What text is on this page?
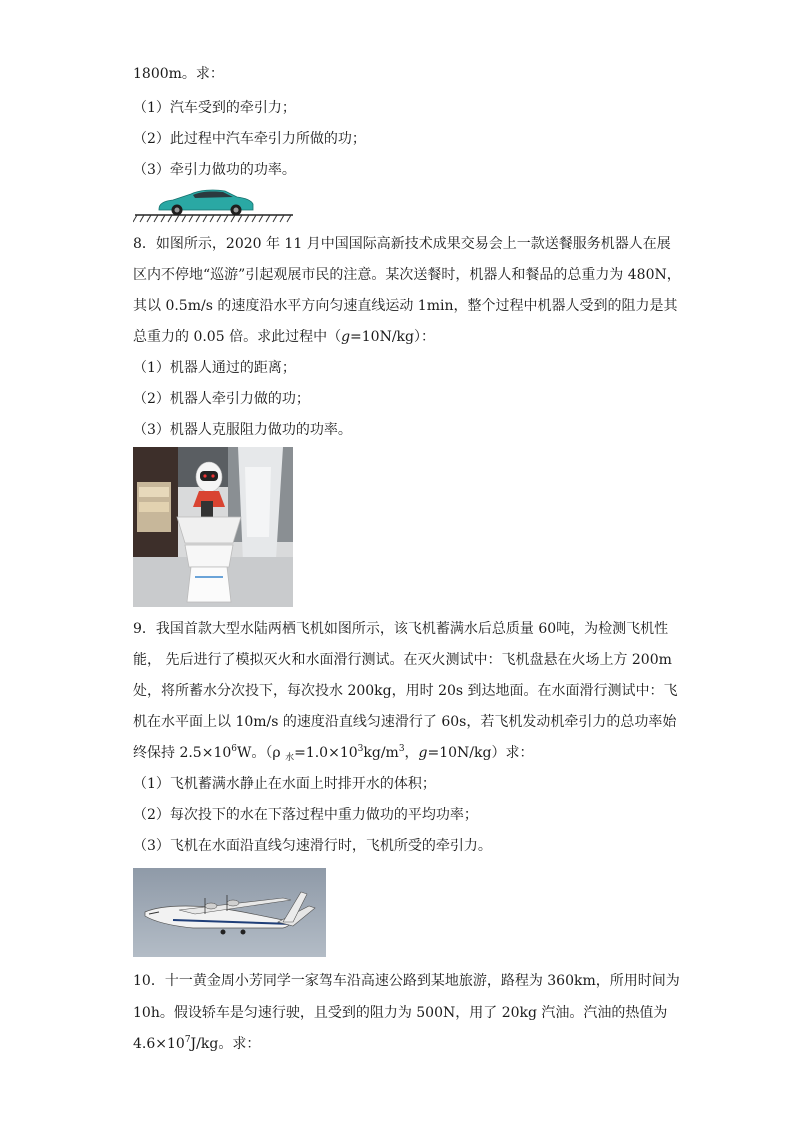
1800m。求：
（1）汽车受到的牵引力；
（2）此过程中汽车牵引力所做的功；
（3）牵引力做功的功率。
8．如图所示，2020 年 11 月中国国际高新技术成果交易会上一款送餐服务机器人在展
区内不停地“巡游”引起观展市民的注意。某次送餐时，机器人和餐品的总重力为 480N，
其以 0.5m/s 的速度沿水平方向匀速直线运动 1min，整个过程中机器人受到的阻力是其
总重力的 0.05 倍。求此过程中（g=10N/kg）：
（1）机器人通过的距离；
（2）机器人牵引力做的功；
（3）机器人克服阻力做功的功率。
9．我国首款大型水陆两栖飞机如图所示，该飞机蓄满水后总质量 60吨，为检测飞机性
能， 先后进行了模拟灭火和水面滑行测试。在灭火测试中：飞机盘悬在火场上方 200m
处，将所蓄水分次投下，每次投水 200kg，用时 20s 到达地面。在水面滑行测试中：飞
机在水平面上以 10m/s 的速度沿直线匀速滑行了 60s，若飞机发动机牵引力的总功率始
终保持 $2.5\times 10^6W$。（ρ $_水=1.0\times 10^3kg/m^3$，g=10N/kg）求：
（1）飞机蓄满水静止在水面上时排开水的体积；
（2）每次投下的水在下落过程中重力做功的平均功率；
（3）飞机在水面沿直线匀速滑行时，飞机所受的牵引力。
10．十一黄金周小芳同学一家驾车沿高速公路到某地旅游，路程为 360km，所用时间为
10h。假设轿车是匀速行驶，且受到的阻力为 500N，用了 20kg 汽油。汽油的热值为
$4.6\times 10^7J/kg$。求：
